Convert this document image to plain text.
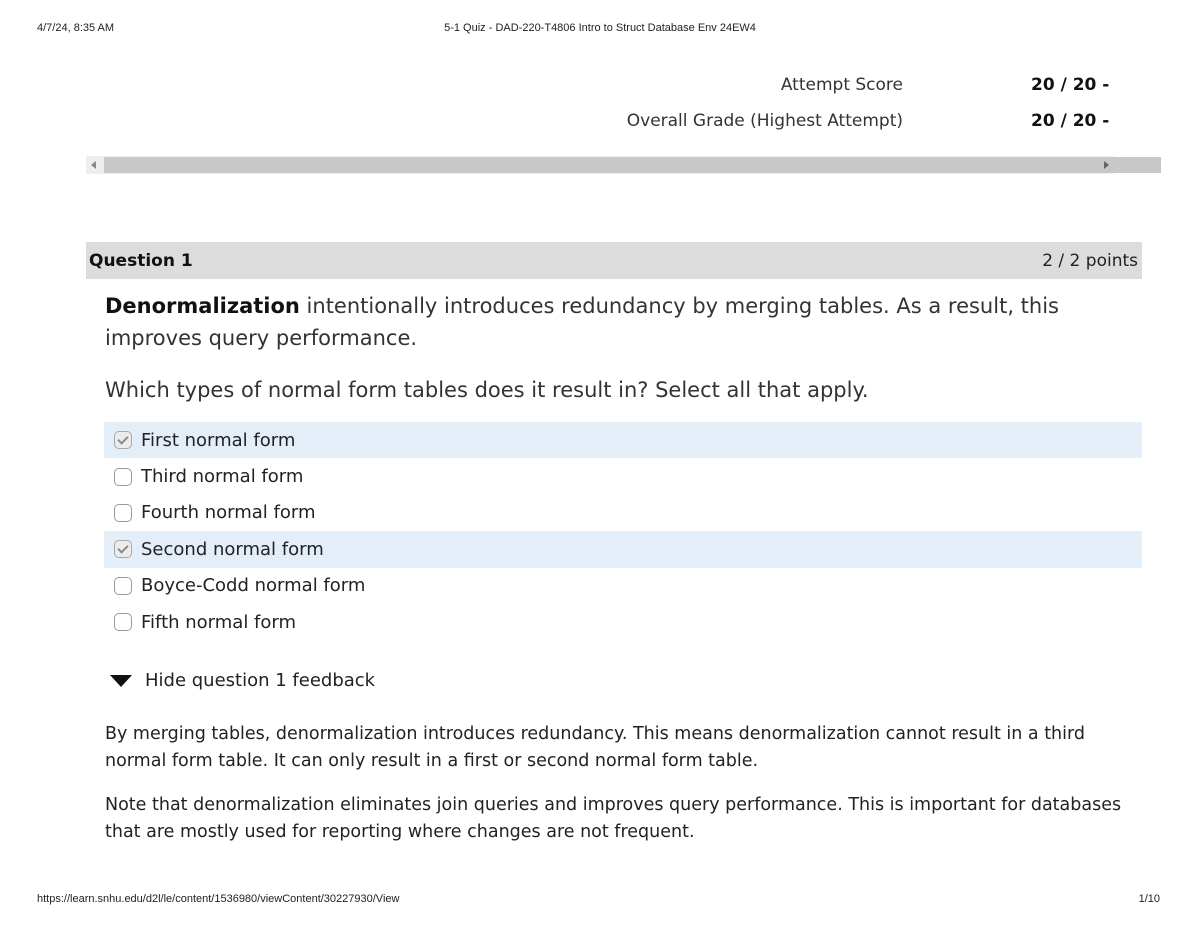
4/7/24, 8:35 AM	5-1 Quiz - DAD-220-T4806 Intro to Struct Database Env 24EW4
Attempt Score	20 / 20 -
Overall Grade (Highest Attempt)	20 / 20 -
Question 1	2 / 2 points
Denormalization intentionally introduces redundancy by merging tables. As a result, this improves query performance.
Which types of normal form tables does it result in? Select all that apply.
First normal form
Third normal form
Fourth normal form
Second normal form
Boyce-Codd normal form
Fifth normal form
Hide question 1 feedback
By merging tables, denormalization introduces redundancy. This means denormalization cannot result in a third normal form table. It can only result in a first or second normal form table.
Note that denormalization eliminates join queries and improves query performance. This is important for databases that are mostly used for reporting where changes are not frequent.
https://learn.snhu.edu/d2l/le/content/1536980/viewContent/30227930/View	1/10
